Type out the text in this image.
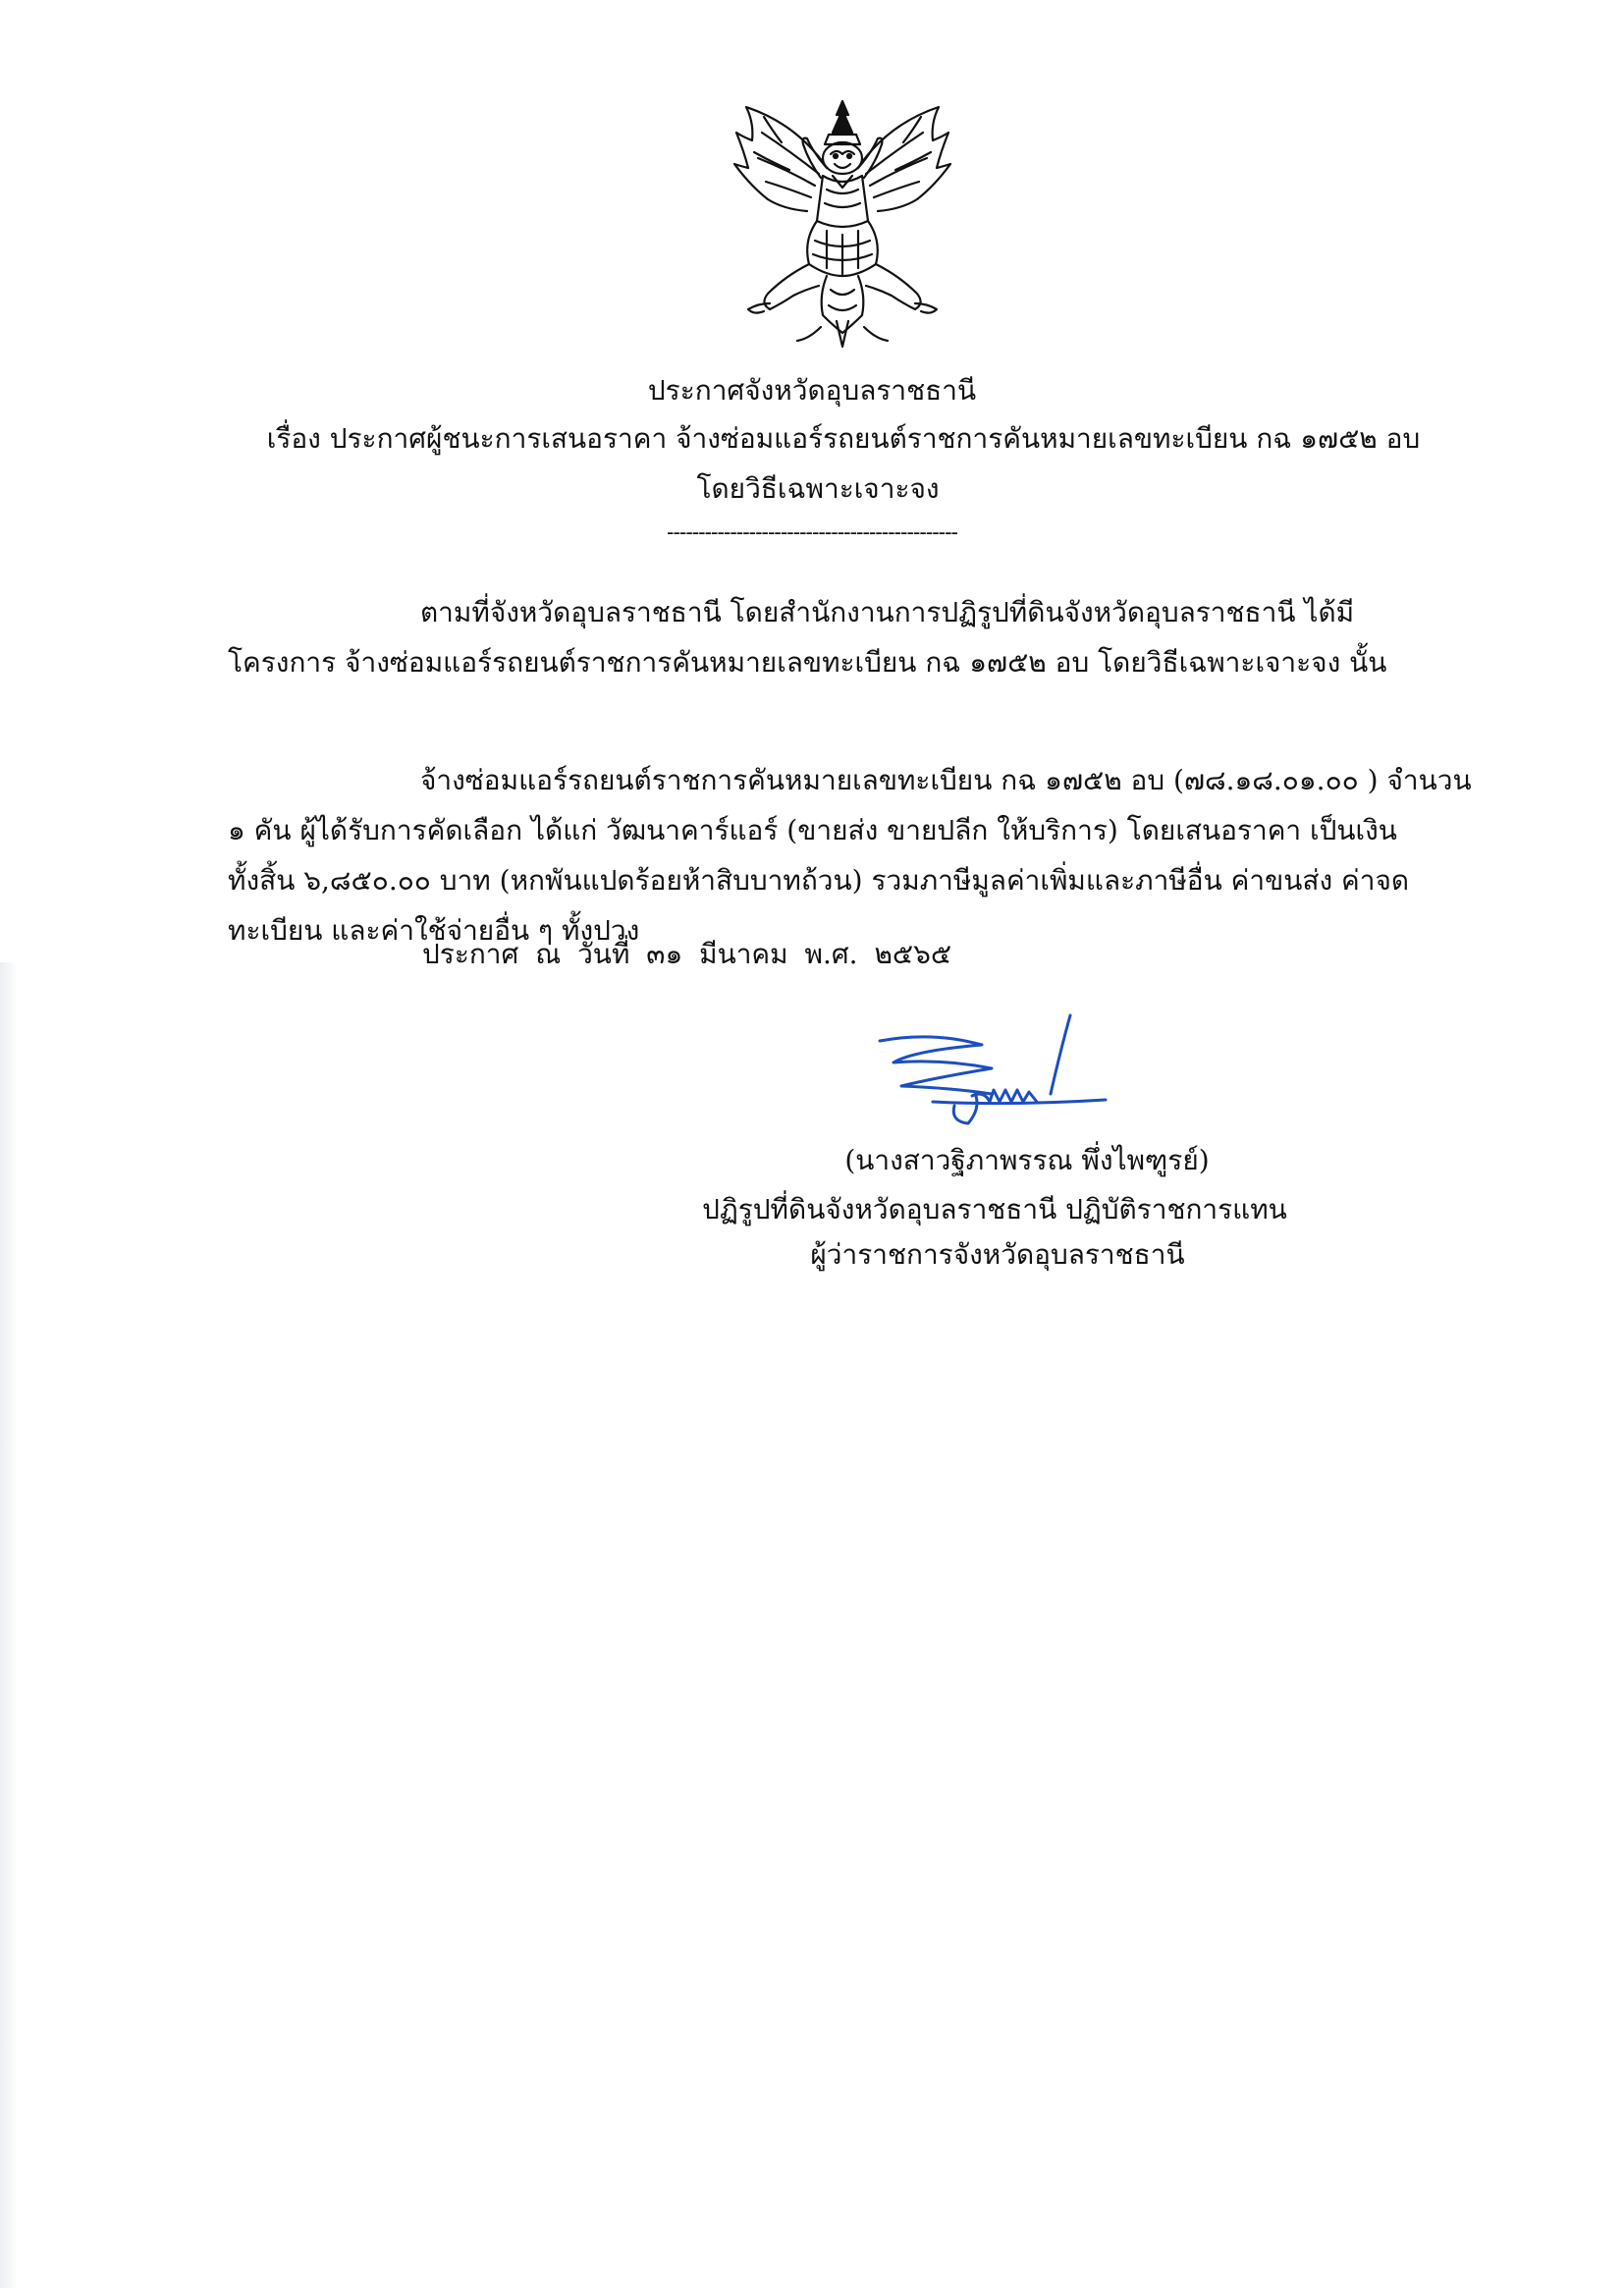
ประกาศจังหวัดอุบลราชธานี
เรื่อง ประกาศผู้ชนะการเสนอราคา จ้างซ่อมแอร์รถยนต์ราชการคันหมายเลขทะเบียน กฉ ๑๗๕๒ อบ
โดยวิธีเฉพาะเจาะจง
----------------------------------------------
ตามที่จังหวัดอุบลราชธานี โดยสำนักงานการปฏิรูปที่ดินจังหวัดอุบลราชธานี ได้มี
โครงการ จ้างซ่อมแอร์รถยนต์ราชการคันหมายเลขทะเบียน กฉ ๑๗๕๒ อบ โดยวิธีเฉพาะเจาะจง นั้น
จ้างซ่อมแอร์รถยนต์ราชการคันหมายเลขทะเบียน กฉ ๑๗๕๒ อบ (๗๘.๑๘.๐๑.๐๐ ) จำนวน
๑ คัน ผู้ได้รับการคัดเลือก ได้แก่ วัฒนาคาร์แอร์ (ขายส่ง ขายปลีก ให้บริการ) โดยเสนอราคา เป็นเงิน
ทั้งสิ้น ๖,๘๕๐.๐๐ บาท (หกพันแปดร้อยห้าสิบบาทถ้วน) รวมภาษีมูลค่าเพิ่มและภาษีอื่น ค่าขนส่ง ค่าจด
ทะเบียน และค่าใช้จ่ายอื่น ๆ ทั้งปวง
ประกาศ ณ วันที่ ๓๑ มีนาคม พ.ศ. ๒๕๖๕
(นางสาวฐิภาพรรณ พึ่งไพฑูรย์)
ปฏิรูปที่ดินจังหวัดอุบลราชธานี ปฏิบัติราชการแทน
ผู้ว่าราชการจังหวัดอุบลราชธานี
